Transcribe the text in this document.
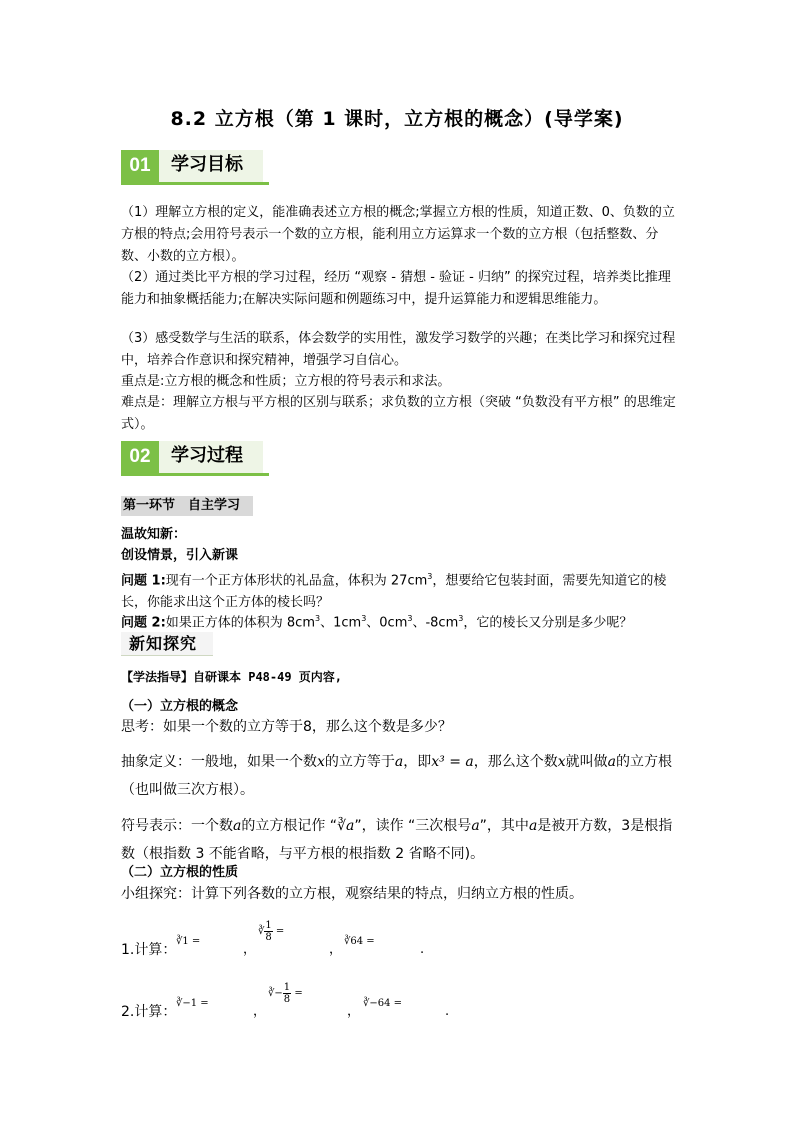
8.2 立方根（第 1 课时，立方根的概念）(导学案)
01	学习目标

（1）理解立方根的定义，能准确表述立方根的概念;掌握立方根的性质，知道正数、0、负数的立方根的特点;会用符号表示一个数的立方根，能利用立方运算求一个数的立方根（包括整数、分数、小数的立方根）。

（2）通过类比平方根的学习过程，经历 “观察 - 猜想 - 验证 - 归纳” 的探究过程，培养类比推理能力和抽象概括能力;在解决实际问题和例题练习中，提升运算能力和逻辑思维能力。

（3）感受数学与生活的联系，体会数学的实用性，激发学习数学的兴趣；在类比学习和探究过程中，培养合作意识和探究精神，增强学习自信心。

重点是:立方根的概念和性质；立方根的符号表示和求法。

难点是：理解立方根与平方根的区别与联系；求负数的立方根（突破 “负数没有平方根” 的思维定式）。

02	学习过程
第一环节　自主学习

温故知新：

创设情景，引入新课

问题 1:现有一个正方体形状的礼品盒，体积为 $27cm^3$，想要给它包装封面，需要先知道它的棱长，你能求出这个正方体的棱长吗？

问题 2:如果正方体的体积为 $8cm^3$、$1cm^3$、$0cm^3$、$-8cm^3$，它的棱长又分别是多少呢？

新知探究

【学法指导】自研课本 P48-49 页内容,

（一）立方根的概念

思考：如果一个数的立方等于8，那么这个数是多少？

抽象定义：一般地，如果一个数x的立方等于a，即x³ = a，那么这个数x就叫做a的立方根（也叫做三次方根）。

符号表示：一个数a的立方根记作 “∛a”，读作 “三次根号a”，其中a是被开方数，3是根指数（根指数 3 不能省略，与平方根的根指数 2 省略不同)。

（二）立方根的性质

小组探究：计算下列各数的立方根，观察结果的特点，归纳立方根的性质。

1.计算：
∛1 =
，
∛ $\frac{1}{8}$ =
，
∛64 =
.
2.计算：
∛−1 =
，
∛− $\frac{1}{8}$ =
，
∛−64 =
.
